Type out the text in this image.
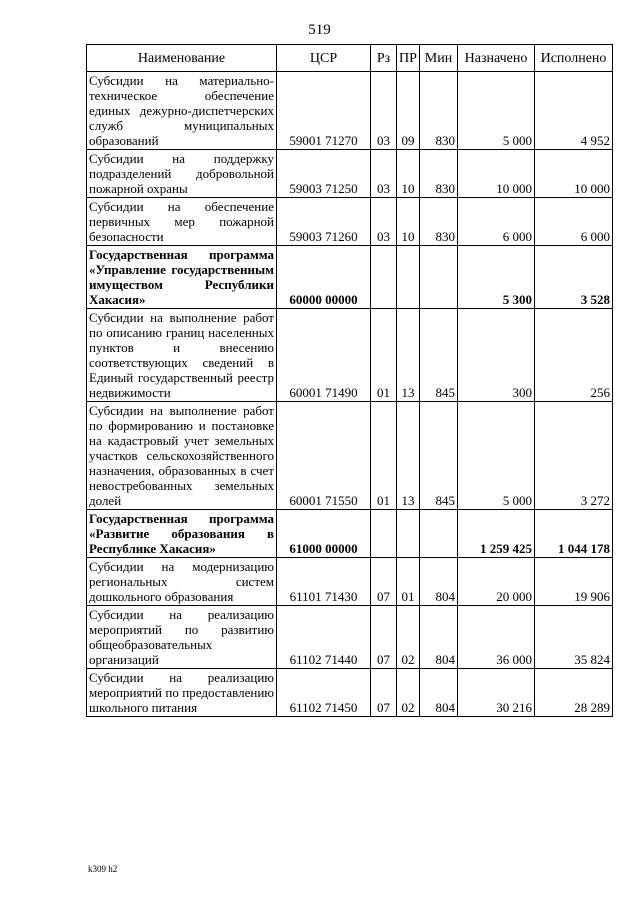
519
Наименование	ЦСР	Рз	ПР	Мин	Назначено	Исполнено
Субсидии на материально-техническое обеспечение единых дежурно-диспетчерских служб муниципальных образований	59001 71270	03	09	830	5 000	4 952
Субсидии на поддержку подразделений добровольной пожарной охраны	59003 71250	03	10	830	10 000	10 000
Субсидии на обеспечение первичных мер пожарной безопасности	59003 71260	03	10	830	6 000	6 000
Государственная программа «Управление государственным имуществом Республики Хакасия»	60000 00000				5 300	3 528
Субсидии на выполнение работ по описанию границ населенных пунктов и внесению соответствующих сведений в Единый государственный реестр недвижимости	60001 71490	01	13	845	300	256
Субсидии на выполнение работ по формированию и постановке на кадастровый учет земельных участков сельскохозяйственного назначения, образованных в счет невостребованных земельных долей	60001 71550	01	13	845	5 000	3 272
Государственная программа «Развитие образования в Республике Хакасия»	61000 00000				1 259 425	1 044 178
Субсидии на модернизацию региональных систем дошкольного образования	61101 71430	07	01	804	20 000	19 906
Субсидии на реализацию мероприятий по развитию общеобразовательных организаций	61102 71440	07	02	804	36 000	35 824
Субсидии на реализацию мероприятий по предоставлению школьного питания	61102 71450	07	02	804	30 216	28 289
k309 h2
